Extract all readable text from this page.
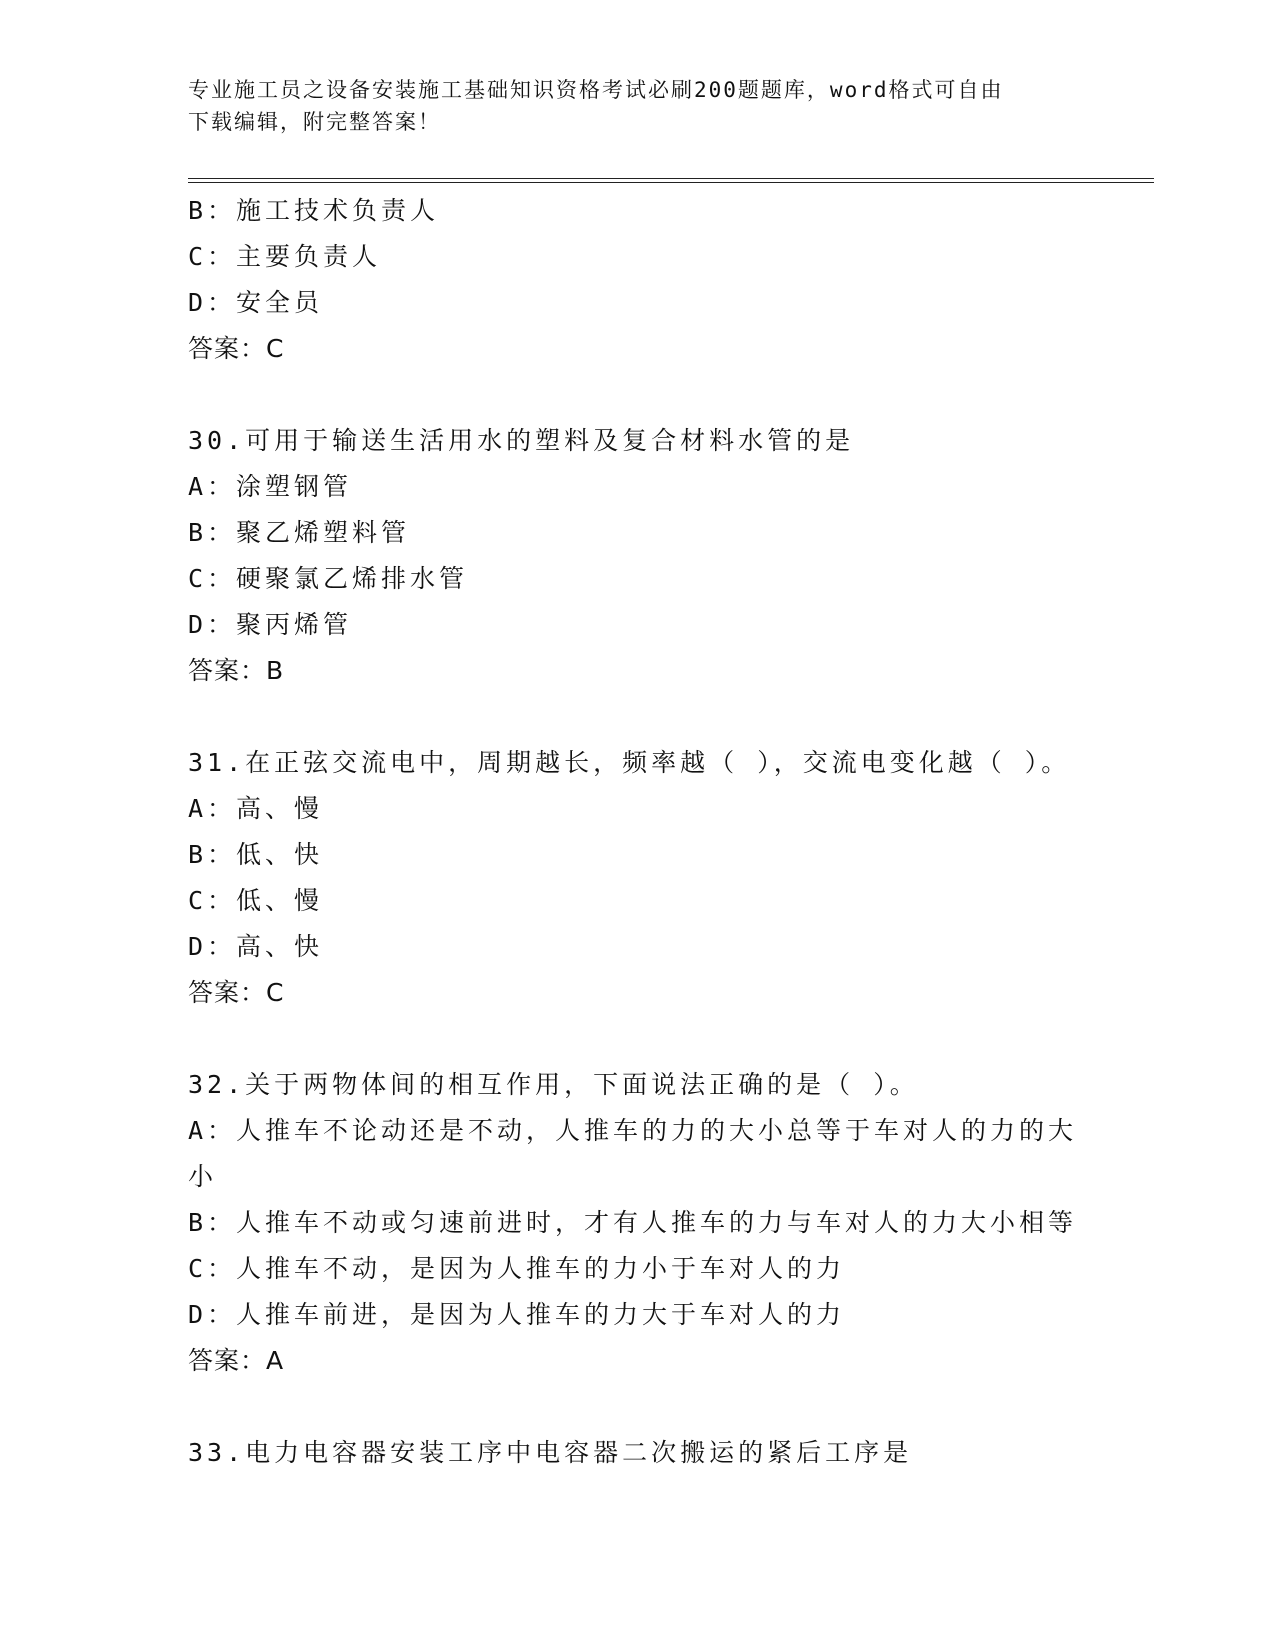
专业施工员之设备安装施工基础知识资格考试必刷200题题库，word格式可自由
下载编辑，附完整答案！
B：施工技术负责人
C：主要负责人
D：安全员
答案：C
30.可用于输送生活用水的塑料及复合材料水管的是
A：涂塑钢管
B：聚乙烯塑料管
C：硬聚氯乙烯排水管
D：聚丙烯管
答案：B
31.在正弦交流电中，周期越长，频率越（ ），交流电变化越（ ）。
A：高、慢
B：低、快
C：低、慢
D：高、快
答案：C
32.关于两物体间的相互作用，下面说法正确的是（ ）。
A：人推车不论动还是不动，人推车的力的大小总等于车对人的力的大小
B：人推车不动或匀速前进时，才有人推车的力与车对人的力大小相等
C：人推车不动，是因为人推车的力小于车对人的力
D：人推车前进，是因为人推车的力大于车对人的力
答案：A
33.电力电容器安装工序中电容器二次搬运的紧后工序是
